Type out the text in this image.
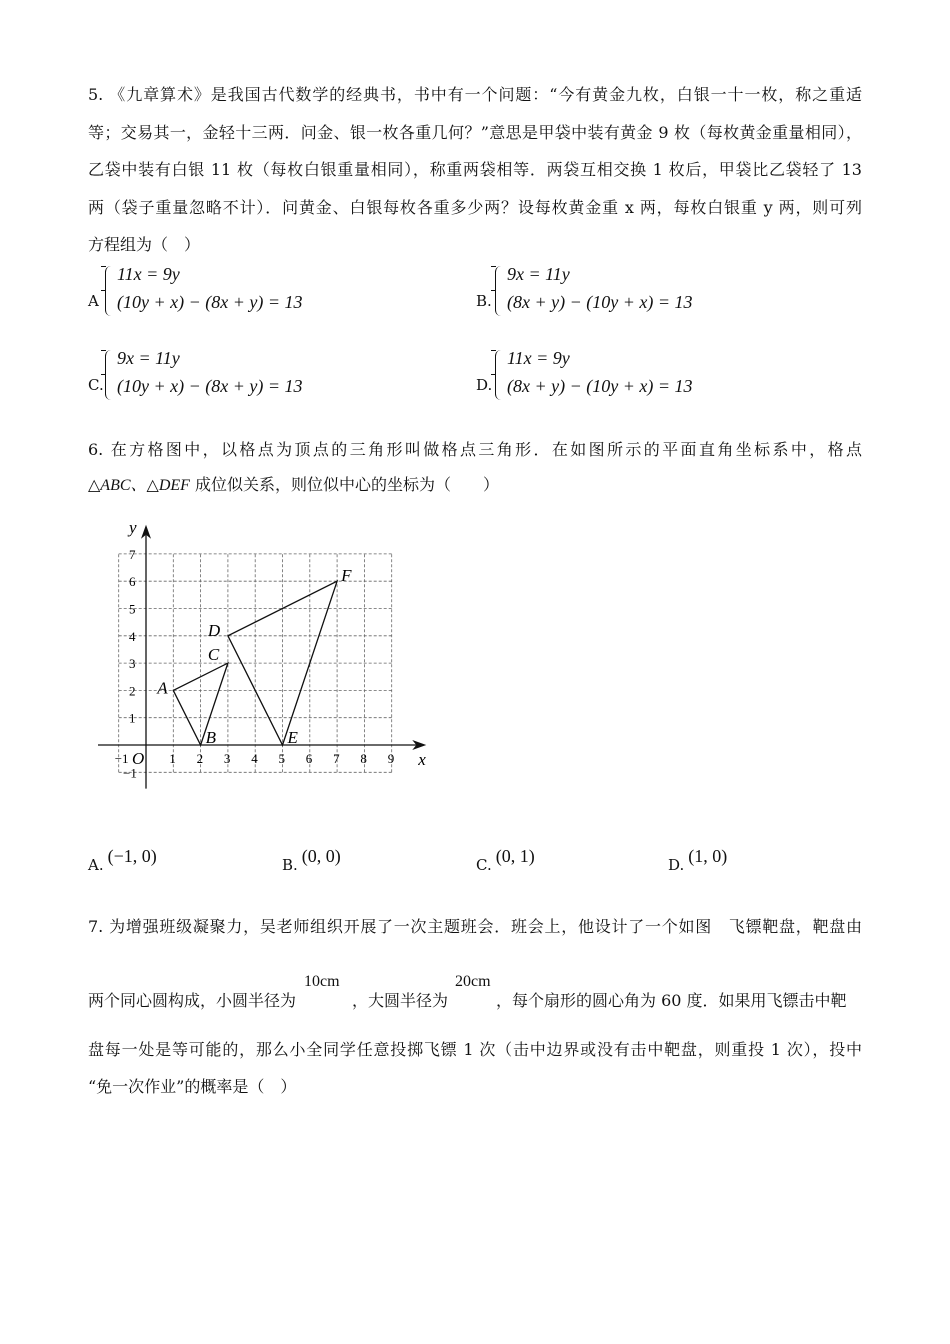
5. 《九章算术》是我国古代数学的经典书，书中有一个问题：“今有黄金九枚，白银一十一枚，称之重适
等；交易其一，金轻十三两．问金、银一枚各重几何？”意思是甲袋中装有黄金 9 枚（每枚黄金重量相同），
乙袋中装有白银 11 枚（每枚白银重量相同），称重两袋相等．两袋互相交换 1 枚后，甲袋比乙袋轻了 13
两（袋子重量忽略不计）．问黄金、白银每枚各重多少两？设每枚黄金重 x 两，每枚白银重 y 两，则可列
方程组为（　）
A
11x = 9y
(10y + x) − (8x + y) = 13	B.
9x = 11y
(8x + y) − (10y + x) = 13
C.
9x = 11y
(10y + x) − (8x + y) = 13	D.
11x = 9y
(8x + y) − (10y + x) = 13
6. 在方格图中，以格点为顶点的三角形叫做格点三角形．在如图所示的平面直角坐标系中，格点
△ABC、△DEF 成位似关系，则位似中心的坐标为（　　）
x
y
O
−1	1 2 3 4 5 6 7 8 9
−1
1
2
3
4
5
6
7
A
B
C
D
E
F
A. (−1, 0)	B. (0, 0)	C. (0, 1)	D. (1, 0)
7. 为增强班级凝聚力，吴老师组织开展了一次主题班会．班会上，他设计了一个如图　飞镖靶盘，靶盘由
两个同心圆构成，小圆半径为
10cm
，大圆半径为
20cm
，每个扇形的圆心角为 60 度．如果用飞镖击中靶
盘每一处是等可能的，那么小全同学任意投掷飞镖 1 次（击中边界或没有击中靶盘，则重投 1 次），投中
“免一次作业”的概率是（　）
